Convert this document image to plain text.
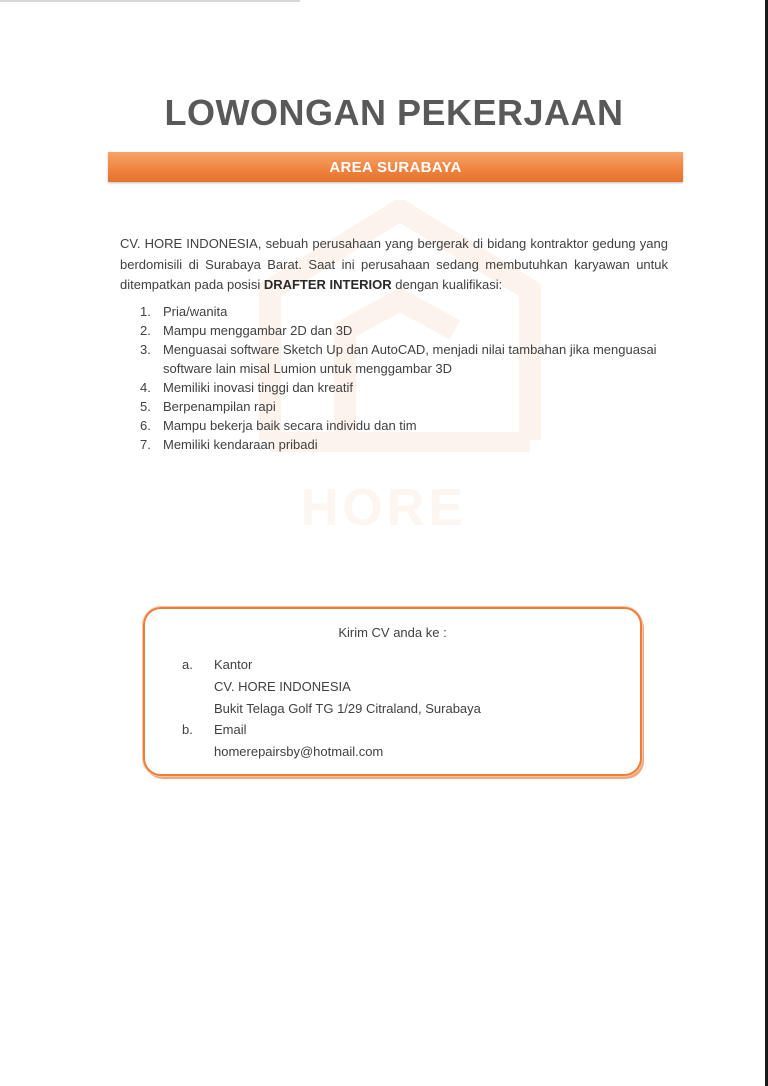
HORE
LOWONGAN PEKERJAAN
AREA SURABAYA
CV. HORE INDONESIA, sebuah perusahaan yang bergerak di bidang kontraktor gedung yang berdomisili di Surabaya Barat. Saat ini perusahaan sedang membutuhkan karyawan untuk ditempatkan pada posisi DRAFTER INTERIOR dengan kualifikasi:
1. Pria/wanita
2. Mampu menggambar 2D dan 3D
3. Menguasai software Sketch Up dan AutoCAD, menjadi nilai tambahan jika menguasai software lain misal Lumion untuk menggambar 3D
4. Memiliki inovasi tinggi dan kreatif
5. Berpenampilan rapi
6. Mampu bekerja baik secara individu dan tim
7. Memiliki kendaraan pribadi
Kirim CV anda ke :
a. Kantor
CV. HORE INDONESIA
Bukit Telaga Golf TG 1/29 Citraland, Surabaya
b. Email
homerepairsby@hotmail.com
